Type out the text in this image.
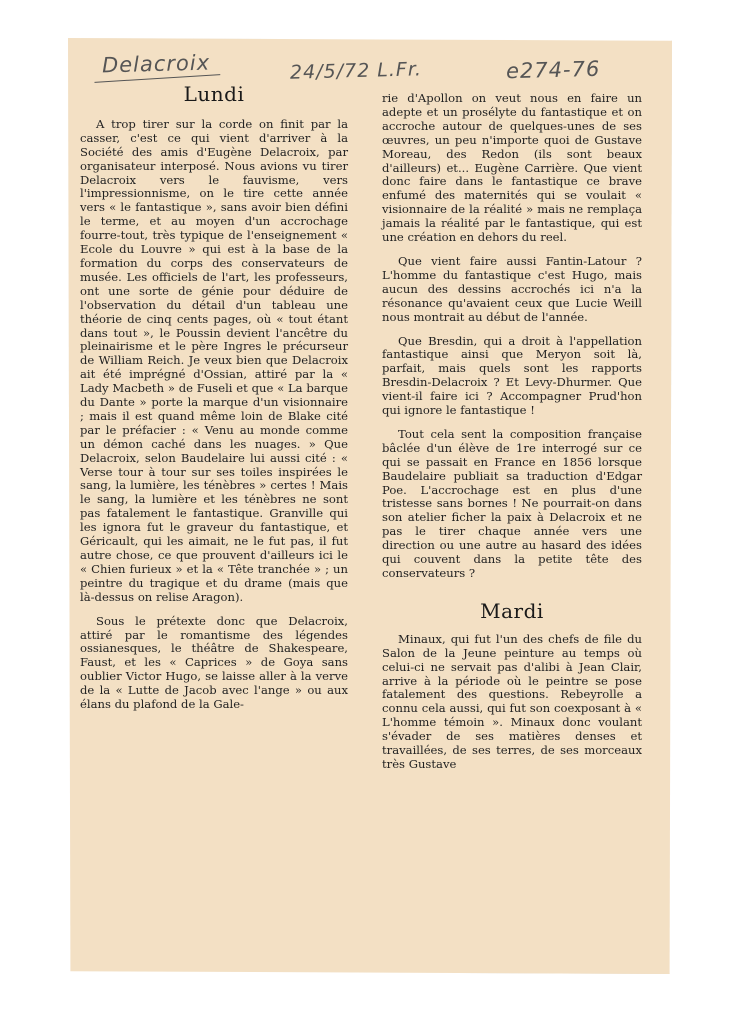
Delacroix	24/5/72 L.Fr.	e274-76
Lundi

A trop tirer sur la corde on finit par la casser, c'est ce qui vient d'arriver à la Société des amis d'Eugène Delacroix, par organisateur interposé. Nous avions vu tirer Delacroix vers le fauvisme, vers l'impressionnisme, on le tire cette année vers « le fantastique », sans avoir bien défini le terme, et au moyen d'un accrochage fourre-tout, très typique de l'enseignement « Ecole du Louvre » qui est à la base de la formation du corps des conservateurs de musée. Les officiels de l'art, les professeurs, ont une sorte de génie pour déduire de l'observation du détail d'un tableau une théorie de cinq cents pages, où « tout étant dans tout », le Poussin devient l'ancêtre du pleinairisme et le père Ingres le précurseur de William Reich. Je veux bien que Delacroix ait été imprégné d'Ossian, attiré par la « Lady Macbeth » de Fuseli et que « La barque du Dante » porte la marque d'un visionnaire ; mais il est quand même loin de Blake cité par le préfacier : « Venu au monde comme un démon caché dans les nuages. » Que Delacroix, selon Baudelaire lui aussi cité : « Verse tour à tour sur ses toiles inspirées le sang, la lumière, les ténèbres » certes ! Mais le sang, la lumière et les ténèbres ne sont pas fatalement le fantastique. Granville qui les ignora fut le graveur du fantastique, et Géricault, qui les aimait, ne le fut pas, il fut autre chose, ce que prouvent d'ailleurs ici le « Chien furieux » et la « Tête tranchée » ; un peintre du tragique et du drame (mais que là-dessus on relise Aragon).

Sous le prétexte donc que Delacroix, attiré par le romantisme des légendes ossianesques, le théâtre de Shakespeare, Faust, et les « Caprices » de Goya sans oublier Victor Hugo, se laisse aller à la verve de la « Lutte de Jacob avec l'ange » ou aux élans du plafond de la Gale-

rie d'Apollon on veut nous en faire un adepte et un prosélyte du fantastique et on accroche autour de quelques-unes de ses œuvres, un peu n'importe quoi de Gustave Moreau, des Redon (ils sont beaux d'ailleurs) et... Eugène Carrière. Que vient donc faire dans le fantastique ce brave enfumé des maternités qui se voulait « visionnaire de la réalité » mais ne remplaça jamais la réalité par le fantastique, qui est une création en dehors du reel.

Que vient faire aussi Fantin-Latour ? L'homme du fantastique c'est Hugo, mais aucun des dessins accrochés ici n'a la résonance qu'avaient ceux que Lucie Weill nous montrait au début de l'année.

Que Bresdin, qui a droit à l'appellation fantastique ainsi que Meryon soit là, parfait, mais quels sont les rapports Bresdin-Delacroix ? Et Levy-Dhurmer. Que vient-il faire ici ? Accompagner Prud'hon qui ignore le fantastique !

Tout cela sent la composition française bâclée d'un élève de 1re interrogé sur ce qui se passait en France en 1856 lorsque Baudelaire publiait sa traduction d'Edgar Poe. L'accrochage est en plus d'une tristesse sans bornes ! Ne pourrait-on dans son atelier ficher la paix à Delacroix et ne pas le tirer chaque année vers une direction ou une autre au hasard des idées qui couvent dans la petite tête des conservateurs ?

Mardi

Minaux, qui fut l'un des chefs de file du Salon de la Jeune peinture au temps où celui-ci ne servait pas d'alibi à Jean Clair, arrive à la période où le peintre se pose fatalement des questions. Rebeyrolle a connu cela aussi, qui fut son coexposant à « L'homme témoin ». Minaux donc voulant s'évader de ses matières denses et travaillées, de ses terres, de ses morceaux très Gustave
